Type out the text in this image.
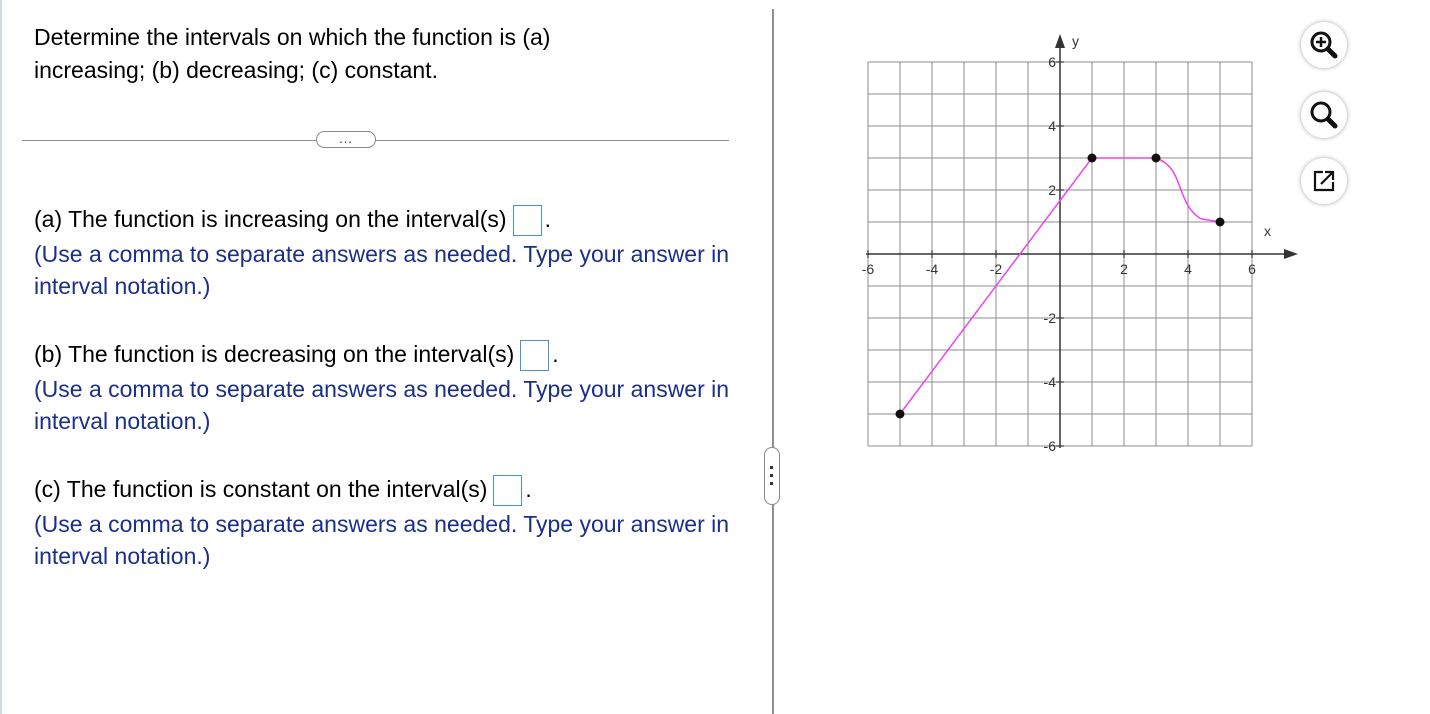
Determine the intervals on which the function is (a) increasing; (b) decreasing; (c) constant.
...
(a) The function is increasing on the interval(s) .
(Use a comma to separate answers as needed. Type your answer in interval notation.)
(b) The function is decreasing on the interval(s) .
(Use a comma to separate answers as needed. Type your answer in interval notation.)
(c) The function is constant on the interval(s) .
(Use a comma to separate answers as needed. Type your answer in interval notation.)
-6	-4	-2	2	4	6
6
4
2
-2
-4
-6
x
y
